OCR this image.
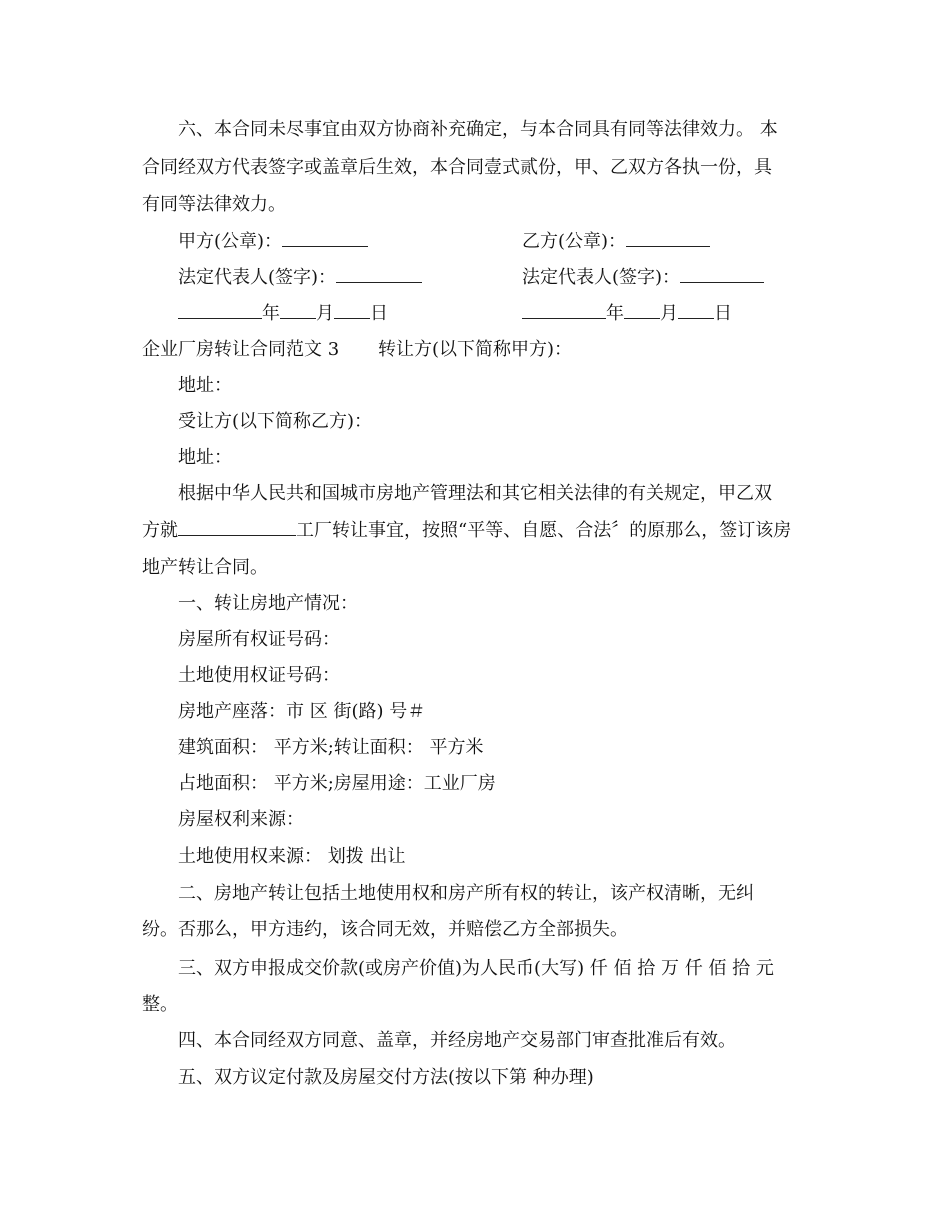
六、本合同未尽事宜由双方协商补充确定，与本合同具有同等法律效力。 本
合同经双方代表签字或盖章后生效，本合同壹式贰份，甲、乙双方各执一份，具
有同等法律效力。
甲方(公章)：	乙方(公章)：
法定代表人(签字)：	法定代表人(签字)：
年 月 日	年 月 日
企业厂房转让合同范文 3 转让方(以下简称甲方)：
地址：
受让方(以下简称乙方)：
地址：
根据中华人民共和国城市房地产管理法和其它相关法律的有关规定，甲乙双
方就	工厂转让事宜，按照“平等、自愿、合法〞的原那么，签订该房
地产转让合同。
一、转让房地产情况：
房屋所有权证号码：
土地使用权证号码：
房地产座落：市 区 街(路) 号＃
建筑面积： 平方米;转让面积： 平方米
占地面积： 平方米;房屋用途：工业厂房
房屋权利来源：
土地使用权来源： 划拨 出让
二、房地产转让包括土地使用权和房产所有权的转让，该产权清晰，无纠
纷。否那么，甲方违约，该合同无效，并赔偿乙方全部损失。
三、双方申报成交价款(或房产价值)为人民币(大写) 仟 佰 拾 万 仟 佰 拾 元
整。
四、本合同经双方同意、盖章，并经房地产交易部门审查批准后有效。
五、双方议定付款及房屋交付方法(按以下第 种办理)
